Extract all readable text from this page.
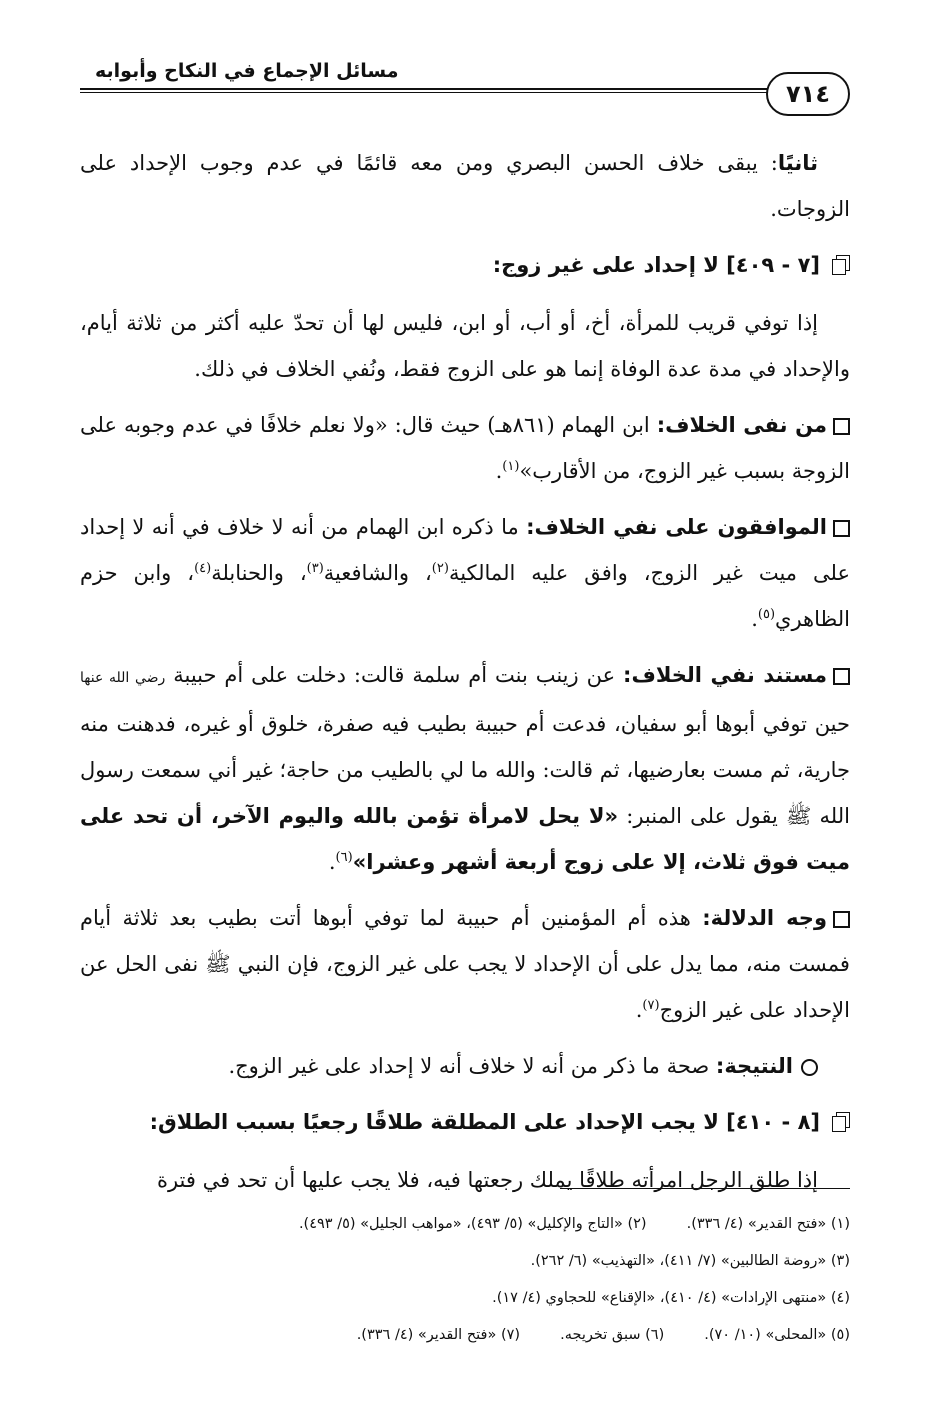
مسائل الإجماع في النكاح وأبوابه
٧١٤

ثانيًا: يبقى خلاف الحسن البصري ومن معه قائمًا في عدم وجوب الإحداد على الزوجات.

[٧ - ٤٠٩] لا إحداد على غير زوج:

إذا توفي قريب للمرأة، أخ، أو أب، أو ابن، فليس لها أن تحدّ عليه أكثر من ثلاثة أيام، والإحداد في مدة عدة الوفاة إنما هو على الزوج فقط، ونُفي الخلاف في ذلك.

من نفى الخلاف: ابن الهمام (٨٦١هـ) حيث قال: «ولا نعلم خلافًا في عدم وجوبه على الزوجة بسبب غير الزوج، من الأقارب»$^{(١)}$.

الموافقون على نفي الخلاف: ما ذكره ابن الهمام من أنه لا خلاف في أنه لا إحداد على ميت غير الزوج، وافق عليه المالكية$^{(٢)}$، والشافعية$^{(٣)}$، والحنابلة$^{(٤)}$، وابن حزم الظاهري$^{(٥)}$.

مستند نفي الخلاف: عن زينب بنت أم سلمة قالت: دخلت على أم حبيبة رضي الله عنها حين توفي أبوها أبو سفيان، فدعت أم حبيبة بطيب فيه صفرة، خلوق أو غيره، فدهنت منه جارية، ثم مست بعارضيها، ثم قالت: والله ما لي بالطيب من حاجة؛ غير أني سمعت رسول الله ﷺ يقول على المنبر: «لا يحل لامرأة تؤمن بالله واليوم الآخر، أن تحد على ميت فوق ثلاث، إلا على زوج أربعة أشهر وعشرا»$^{(٦)}$.

وجه الدلالة: هذه أم المؤمنين أم حبيبة لما توفي أبوها أتت بطيب بعد ثلاثة أيام فمست منه، مما يدل على أن الإحداد لا يجب على غير الزوج، فإن النبي ﷺ نفى الحل عن الإحداد على غير الزوج$^{(٧)}$.

النتيجة: صحة ما ذكر من أنه لا خلاف أنه لا إحداد على غير الزوج.

[٨ - ٤١٠] لا يجب الإحداد على المطلقة طلاقًا رجعيًا بسبب الطلاق:

إذا طلق الرجل امرأته طلاقًا يملك رجعتها فيه، فلا يجب عليها أن تحد في فترة

(١) «فتح القدير» (٤/ ٣٣٦).
(٢) «التاج والإكليل» (٥/ ٤٩٣)، «مواهب الجليل» (٥/ ٤٩٣).
(٣) «روضة الطالبين» (٧/ ٤١١)، «التهذيب» (٦/ ٢٦٢).
(٤) «منتهى الإرادات» (٤/ ٤١٠)، «الإقناع» للحجاوي (٤/ ١٧).
(٥) «المحلى» (١٠/ ٧٠).
(٦) سبق تخريجه.
(٧) «فتح القدير» (٤/ ٣٣٦).
